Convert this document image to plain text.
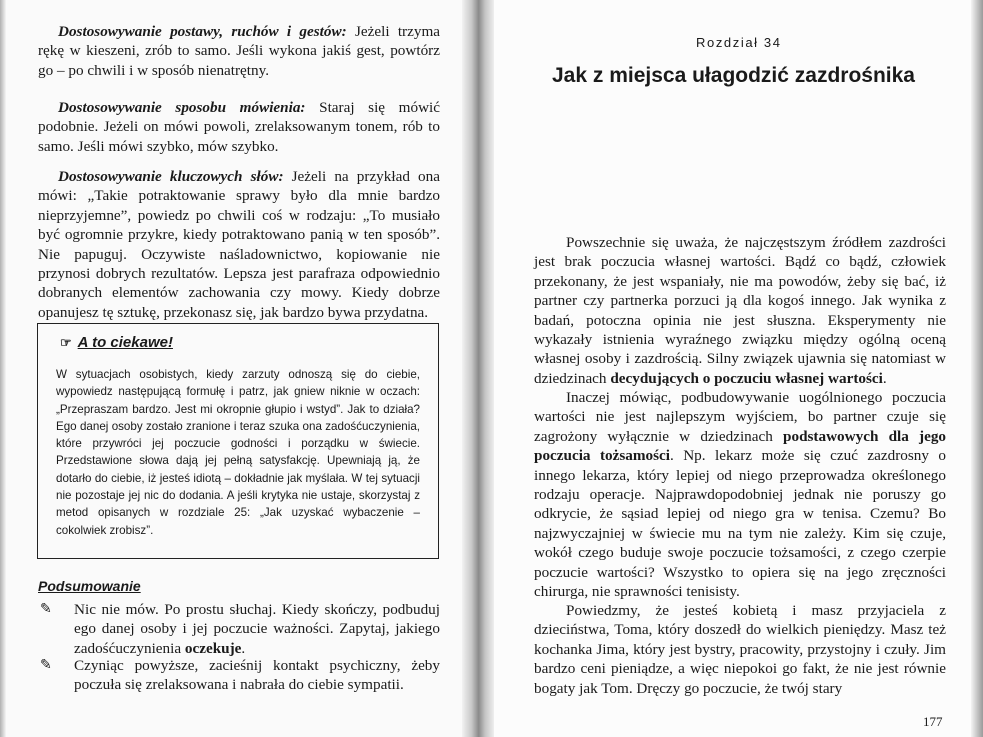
Dostosowywanie postawy, ruchów i gestów: Jeżeli trzyma rękę w kieszeni, zrób to samo. Jeśli wykona jakiś gest, powtórz go – po chwili i w sposób nienatrętny.

Dostosowywanie sposobu mówienia: Staraj się mówić podobnie. Jeżeli on mówi powoli, zrelaksowanym tonem, rób to samo. Jeśli mówi szybko, mów szybko.

Dostosowywanie kluczowych słów: Jeżeli na przykład ona mówi: „Takie potraktowanie sprawy było dla mnie bardzo nieprzyjemne”, powiedz po chwili coś w rodzaju: „To musiało być ogromnie przykre, kiedy potraktowano panią w ten sposób”. Nie papuguj. Oczywiste naśladownictwo, kopiowanie nie przynosi dobrych rezultatów. Lepsza jest parafraza odpowiednio dobranych elementów zachowania czy mowy. Kiedy dobrze opanujesz tę sztukę, przekonasz się, jak bardzo bywa przydatna.

☞ A to ciekawe!

W sytuacjach osobistych, kiedy zarzuty odnoszą się do ciebie, wypowiedz następującą formułę i patrz, jak gniew niknie w oczach: „Przepraszam bardzo. Jest mi okropnie głupio i wstyd”. Jak to działa? Ego danej osoby zostało zranione i teraz szuka ona zadośćuczynienia, które przywróci jej poczucie godności i porządku w świecie. Przedstawione słowa dają jej pełną satysfakcję. Upewniają ją, że dotarło do ciebie, iż jesteś idiotą – dokładnie jak myślała. W tej sytuacji nie pozostaje jej nic do dodania. A jeśli krytyka nie ustaje, skorzystaj z metod opisanych w rozdziale 25: „Jak uzyskać wybaczenie – cokolwiek zrobisz”.

Podsumowanie
✎ Nic nie mów. Po prostu słuchaj. Kiedy skończy, podbuduj ego danej osoby i jej poczucie ważności. Zapytaj, jakiego zadośćuczynienia oczekuje.

✎ Czyniąc powyższe, zacieśnij kontakt psychiczny, żeby poczuła się zrelaksowana i nabrała do ciebie sympatii.

Rozdział 34
Jak z miejsca ułagodzić zazdrośnika

Powszechnie się uważa, że najczęstszym źródłem zazdrości jest brak poczucia własnej wartości. Bądź co bądź, człowiek przekonany, że jest wspaniały, nie ma powodów, żeby się bać, iż partner czy partnerka porzuci ją dla kogoś innego. Jak wynika z badań, potoczna opinia nie jest słuszna. Eksperymenty nie wykazały istnienia wyraźnego związku między ogólną oceną własnej osoby i zazdrością. Silny związek ujawnia się natomiast w dziedzinach decydujących o poczuciu własnej wartości.

Inaczej mówiąc, podbudowywanie uogólnionego poczucia wartości nie jest najlepszym wyjściem, bo partner czuje się zagrożony wyłącznie w dziedzinach podstawowych dla jego poczucia tożsamości. Np. lekarz może się czuć zazdrosny o innego lekarza, który lepiej od niego przeprowadza określonego rodzaju operacje. Najprawdopodobniej jednak nie poruszy go odkrycie, że sąsiad lepiej od niego gra w tenisa. Czemu? Bo najzwyczajniej w świecie mu na tym nie zależy. Kim się czuje, wokół czego buduje swoje poczucie tożsamości, z czego czerpie poczucie wartości? Wszystko to opiera się na jego zręczności chirurga, nie sprawności tenisisty.

Powiedzmy, że jesteś kobietą i masz przyjaciela z dzieciństwa, Toma, który doszedł do wielkich pieniędzy. Masz też kochanka Jima, który jest bystry, pracowity, przystojny i czuły. Jim bardzo ceni pieniądze, a więc niepokoi go fakt, że nie jest równie bogaty jak Tom. Dręczy go poczucie, że twój stary

177
